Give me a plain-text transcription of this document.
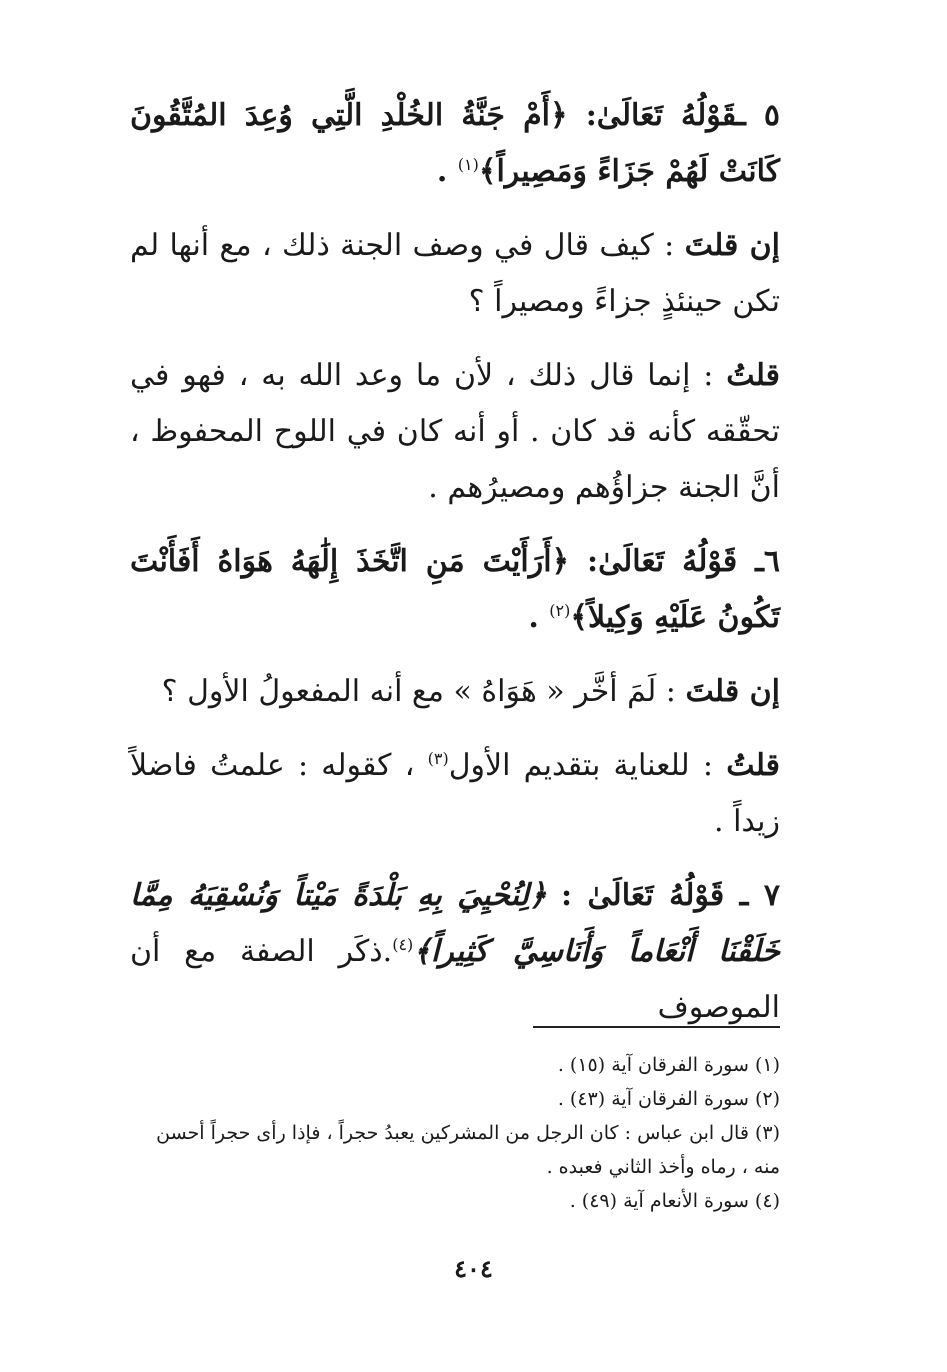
٥ ـقَوْلُهُ تَعَالَىٰ: ﴿أَمْ جَنَّةُ الخُلْدِ الَّتِي وُعِدَ المُتَّقُونَ كَانَتْ لَهُمْ جَزَاءً وَمَصِيراً﴾$^{(١)}$ .

إن قلتَ : كيف قال في وصف الجنة ذلك ، مع أنها لم تكن حينئذٍ جزاءً ومصيراً ؟

قلتُ : إنما قال ذلك ، لأن ما وعد الله به ، فهو في تحقّقه كأنه قد كان . أو أنه كان في اللوح المحفوظ ، أنَّ الجنة جزاؤُهم ومصيرُهم .

٦ـ قَوْلُهُ تَعَالَىٰ: ﴿أَرَأَيْتَ مَنِ اتَّخَذَ إِلَٰهَهُ هَوَاهُ أَفَأَنْتَ تَكُونُ عَلَيْهِ وَكِيلاً﴾$^{(٢)}$ .

إن قلتَ : لَمَ أخَّر « هَوَاهُ » مع أنه المفعولُ الأول ؟

قلتُ : للعناية بتقديم الأول$^{(٣)}$ ، كقوله : علمتُ فاضلاً زيداً .

٧ ـ قَوْلُهُ تَعَالَىٰ : ﴿لِنُحْيِيَ بِهِ بَلْدَةً مَيْتاً وَنُسْقِيَهُ مِمَّا خَلَقْنَا أَنْعَاماً وَأَنَاسِيَّ كَثِيراً﴾$^{(٤)}$.ذكَر الصفة مع أن الموصوف

(١) سورة الفرقان آية (١٥) .

(٢) سورة الفرقان آية (٤٣) .

(٣) قال ابن عباس : كان الرجل من المشركين يعبدُ حجراً ، فإذا رأى حجراً أحسن منه ، رماه وأخذ الثاني فعبده .

(٤) سورة الأنعام آية (٤٩) .

٤٠٤
